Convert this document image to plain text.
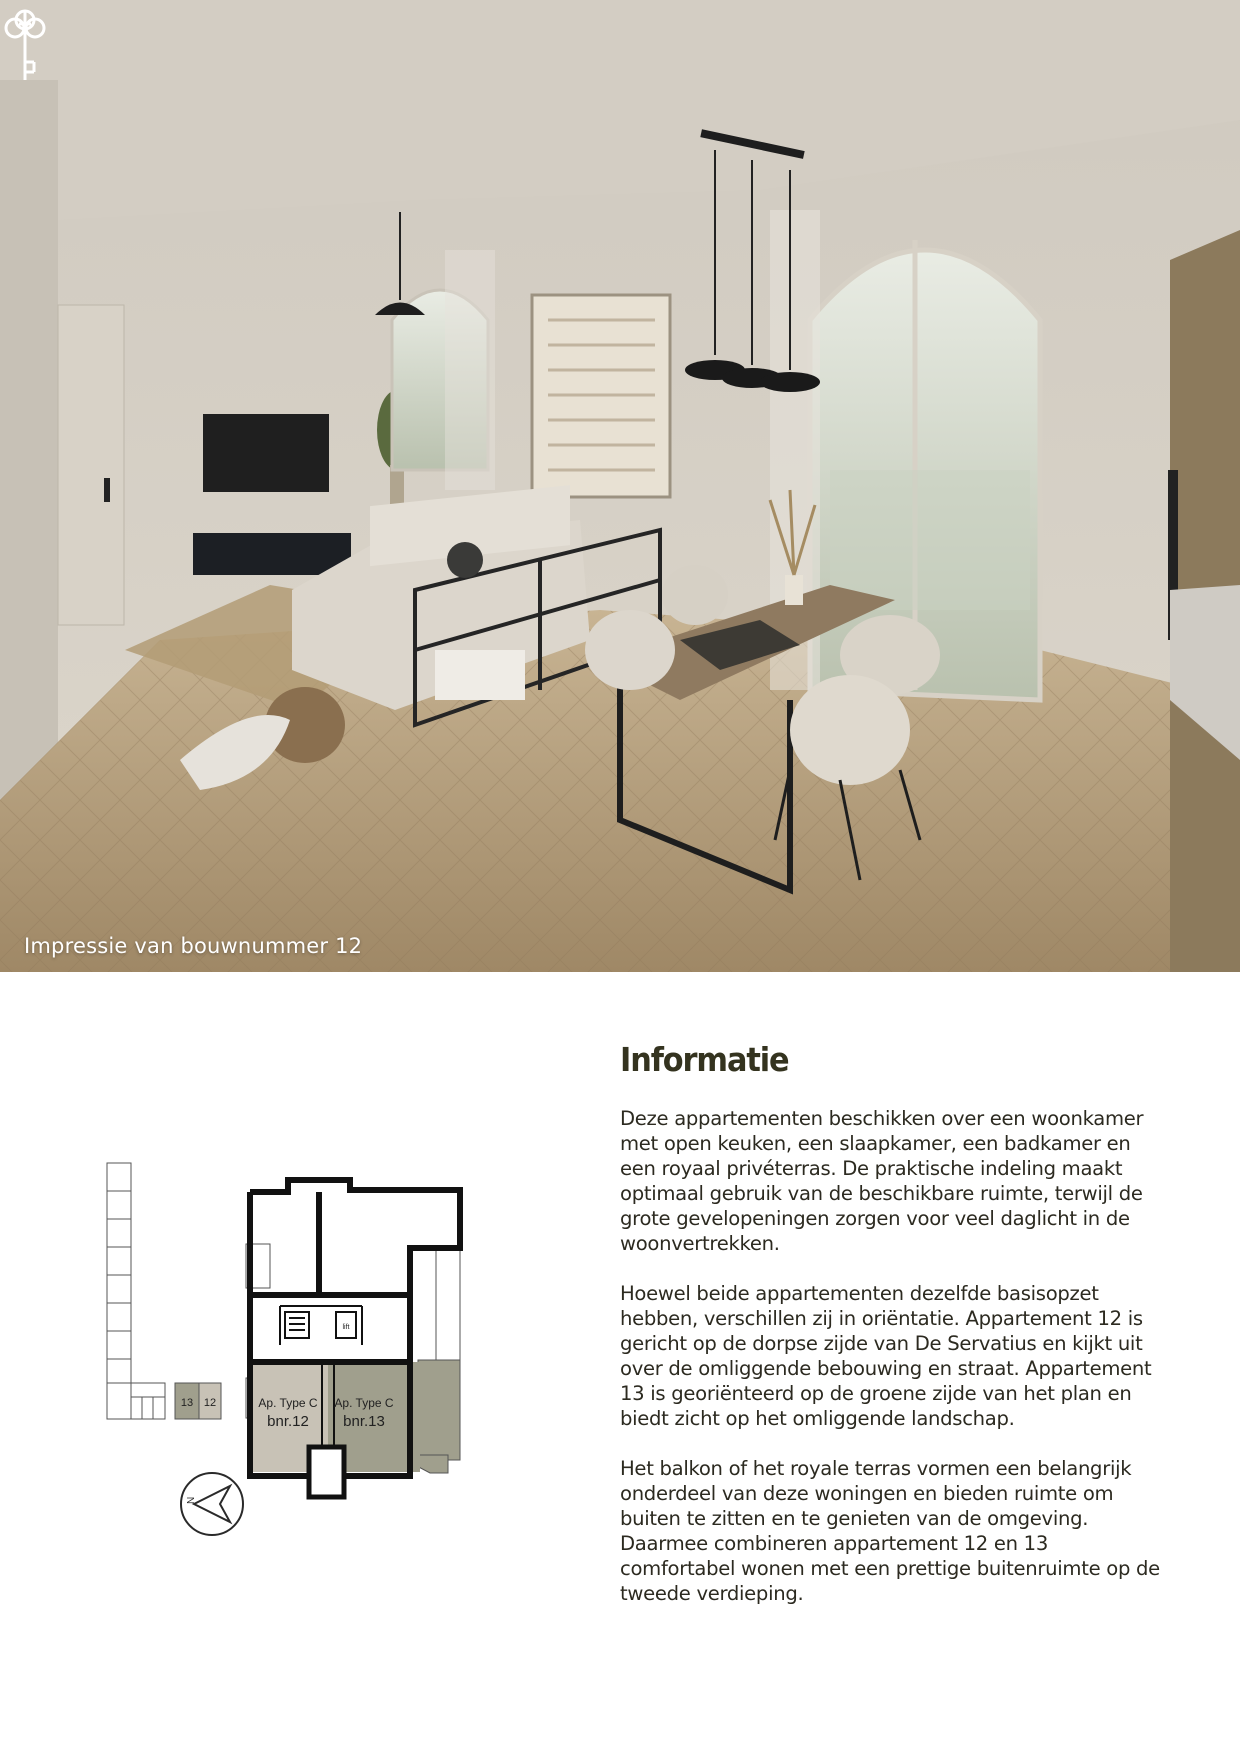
Impressie van bouwnummer 12
13 12
N
lift
Ap. Type C
bnr.12
Ap. Type C
bnr.13
Informatie

Deze appartementen beschikken over een woonkamer met open keuken, een slaapkamer, een badkamer en een royaal privéterras. De praktische indeling maakt optimaal gebruik van de beschikbare ruimte, terwijl de grote gevelopeningen zorgen voor veel daglicht in de woonvertrekken.

Hoewel beide appartementen dezelfde basisopzet hebben, verschillen zij in oriëntatie. Appartement 12 is gericht op de dorpse zijde van De Servatius en kijkt uit over de omliggende bebouwing en straat. Appartement 13 is georiënteerd op de groene zijde van het plan en biedt zicht op het omliggende landschap.

Het balkon of het royale terras vormen een belangrijk onderdeel van deze woningen en bieden ruimte om buiten te zitten en te genieten van de omgeving. Daarmee combineren appartement 12 en 13 comfortabel wonen met een prettige buitenruimte op de tweede verdieping.
